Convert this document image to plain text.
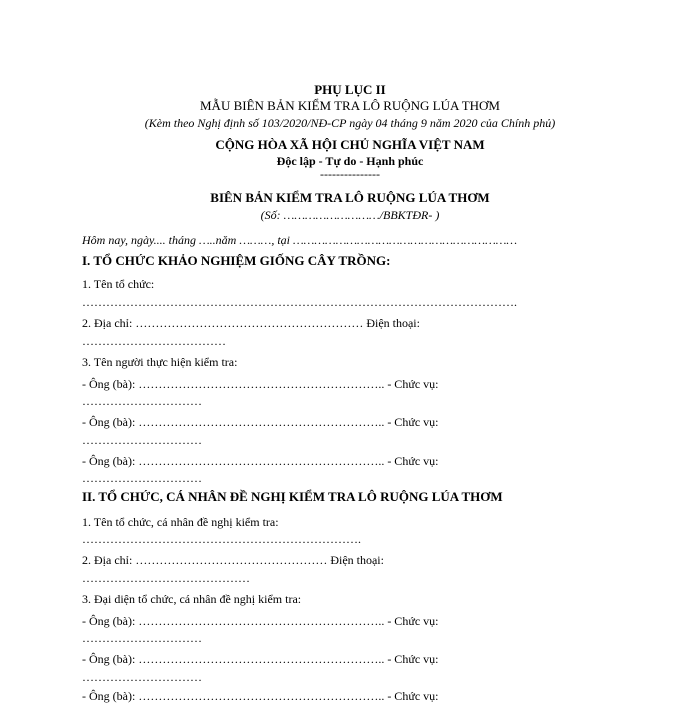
PHỤ LỤC II
MẪU BIÊN BẢN KIỂM TRA LÔ RUỘNG LÚA THƠM
(Kèm theo Nghị định số 103/2020/NĐ-CP ngày 04 tháng 9 năm 2020 của Chính phủ)
CỘNG HÒA XÃ HỘI CHỦ NGHĨA VIỆT NAM
Độc lập - Tự do - Hạnh phúc
---------------
BIÊN BẢN KIỂM TRA LÔ RUỘNG LÚA THƠM
(Số: ………………………/BBKTĐR- )
Hôm nay, ngày.... tháng …..năm ………, tại ………………………………………………………
I. TỔ CHỨC KHẢO NGHIỆM GIỐNG CÂY TRỒNG:
1. Tên tổ chức:
……………………………………………………………………………………………….
2. Địa chỉ: ………………………………………………… Điện thoại:
………………………………
3. Tên người thực hiện kiểm tra:
- Ông (bà): …………………………………………………….. - Chức vụ:
…………………………
- Ông (bà): …………………………………………………….. - Chức vụ:
…………………………
- Ông (bà): …………………………………………………….. - Chức vụ:
…………………………
II. TỔ CHỨC, CÁ NHÂN ĐỀ NGHỊ KIỂM TRA LÔ RUỘNG LÚA THƠM
1. Tên tổ chức, cá nhân đề nghị kiểm tra:
…………………………………………………………….
2. Địa chỉ: ………………………………………… Điện thoại:
……………………………………
3. Đại diện tổ chức, cá nhân đề nghị kiểm tra:
- Ông (bà): …………………………………………………….. - Chức vụ:
…………………………
- Ông (bà): …………………………………………………….. - Chức vụ:
…………………………
- Ông (bà): …………………………………………………….. - Chức vụ:
